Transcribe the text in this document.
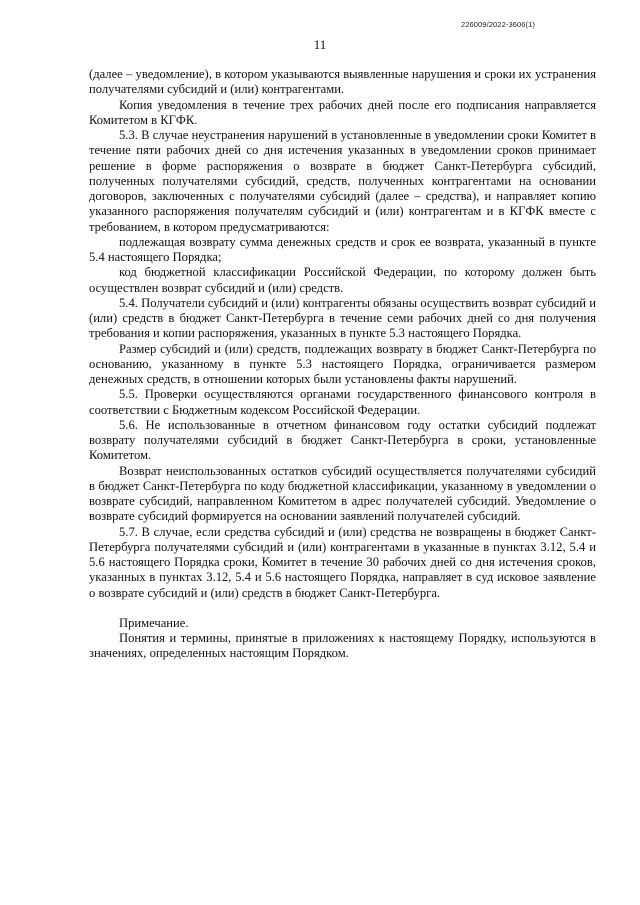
226009/2022-3606(1)
11

(далее – уведомление), в котором указываются выявленные нарушения и сроки их устранения получателями субсидий и (или) контрагентами.

Копия уведомления в течение трех рабочих дней после его подписания направляется Комитетом в КГФК.

5.3. В случае неустранения нарушений в установленные в уведомлении сроки Комитет в течение пяти рабочих дней со дня истечения указанных в уведомлении сроков принимает решение в форме распоряжения о возврате в бюджет Санкт-Петербурга субсидий, полученных получателями субсидий, средств, полученных контрагентами на основании договоров, заключенных с получателями субсидий (далее – средства), и направляет копию указанного распоряжения получателям субсидий и (или) контрагентам и в КГФК вместе с требованием, в котором предусматриваются:

подлежащая возврату сумма денежных средств и срок ее возврата, указанный в пункте 5.4 настоящего Порядка;

код бюджетной классификации Российской Федерации, по которому должен быть осуществлен возврат субсидий и (или) средств.

5.4. Получатели субсидий и (или) контрагенты обязаны осуществить возврат субсидий и (или) средств в бюджет Санкт-Петербурга в течение семи рабочих дней со дня получения требования и копии распоряжения, указанных в пункте 5.3 настоящего Порядка.

Размер субсидий и (или) средств, подлежащих возврату в бюджет Санкт-Петербурга по основанию, указанному в пункте 5.3 настоящего Порядка, ограничивается размером денежных средств, в отношении которых были установлены факты нарушений.

5.5. Проверки осуществляются органами государственного финансового контроля в соответствии с Бюджетным кодексом Российской Федерации.

5.6. Не использованные в отчетном финансовом году остатки субсидий подлежат возврату получателями субсидий в бюджет Санкт-Петербурга в сроки, установленные Комитетом.

Возврат неиспользованных остатков субсидий осуществляется получателями субсидий в бюджет Санкт-Петербурга по коду бюджетной классификации, указанному в уведомлении о возврате субсидий, направленном Комитетом в адрес получателей субсидий. Уведомление о возврате субсидий формируется на основании заявлений получателей субсидий.

5.7. В случае, если средства субсидий и (или) средства не возвращены в бюджет Санкт-Петербурга получателями субсидий и (или) контрагентами в указанные в пунктах 3.12, 5.4 и 5.6 настоящего Порядка сроки, Комитет в течение 30 рабочих дней со дня истечения сроков, указанных в пунктах 3.12, 5.4 и 5.6 настоящего Порядка, направляет в суд исковое заявление о возврате субсидий и (или) средств в бюджет Санкт-Петербурга.

Примечание.

Понятия и термины, принятые в приложениях к настоящему Порядку, используются в значениях, определенных настоящим Порядком.
